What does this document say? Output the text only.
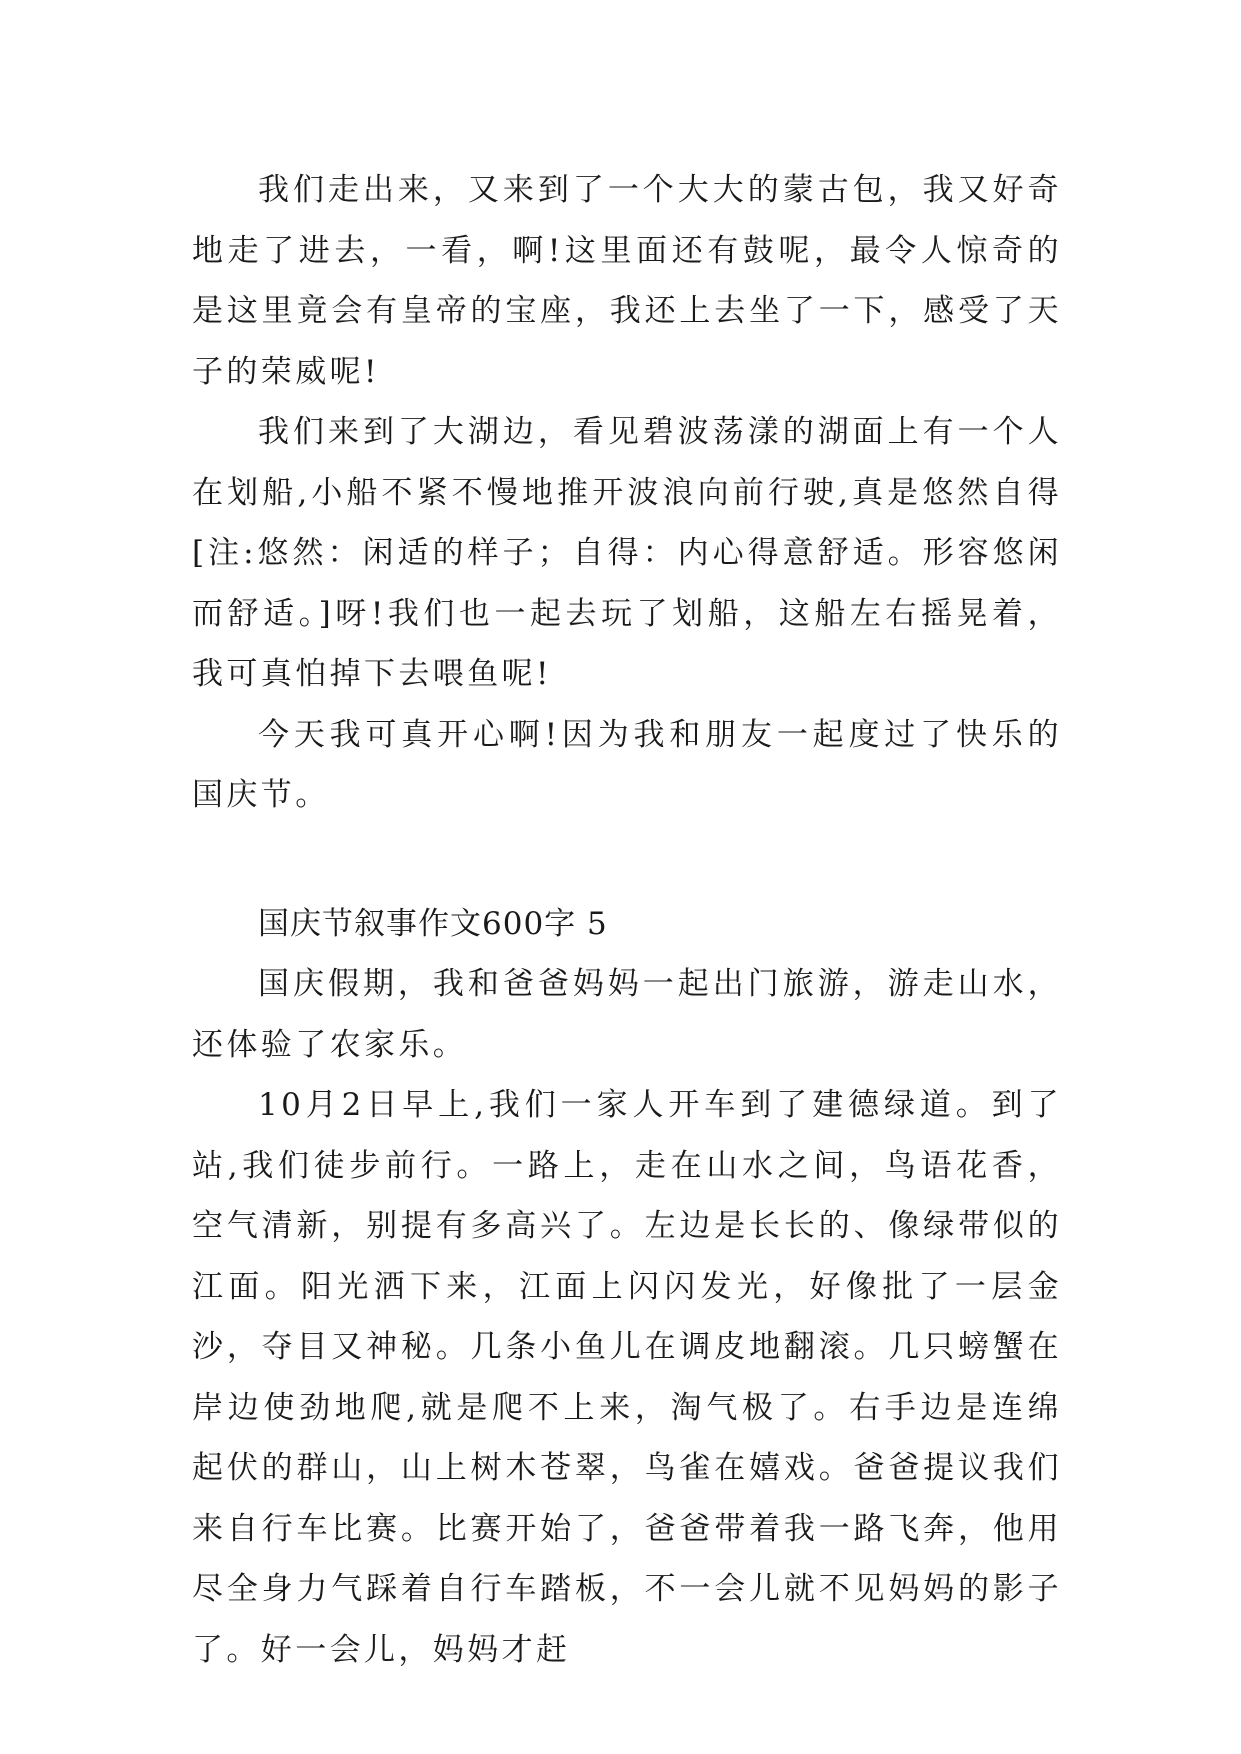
我们走出来，又来到了一个大大的蒙古包，我又好奇地走了进去，一看，啊!这里面还有鼓呢，最令人惊奇的是这里竟会有皇帝的宝座，我还上去坐了一下，感受了天子的荣威呢!

我们来到了大湖边，看见碧波荡漾的湖面上有一个人在划船,小船不紧不慢地推开波浪向前行驶,真是悠然自得[注:悠然：闲适的样子；自得：内心得意舒适。形容悠闲而舒适。]呀!我们也一起去玩了划船，这船左右摇晃着，我可真怕掉下去喂鱼呢!

今天我可真开心啊!因为我和朋友一起度过了快乐的国庆节。

国庆节叙事作文600字 5

国庆假期，我和爸爸妈妈一起出门旅游，游走山水，还体验了农家乐。

10月2日早上,我们一家人开车到了建德绿道。到了站,我们徒步前行。一路上，走在山水之间，鸟语花香，空气清新，别提有多高兴了。左边是长长的、像绿带似的江面。阳光洒下来，江面上闪闪发光，好像批了一层金沙，夺目又神秘。几条小鱼儿在调皮地翻滚。几只螃蟹在岸边使劲地爬,就是爬不上来，淘气极了。右手边是连绵起伏的群山，山上树木苍翠，鸟雀在嬉戏。爸爸提议我们来自行车比赛。比赛开始了，爸爸带着我一路飞奔，他用尽全身力气踩着自行车踏板，不一会儿就不见妈妈的影子了。好一会儿，妈妈才赶
